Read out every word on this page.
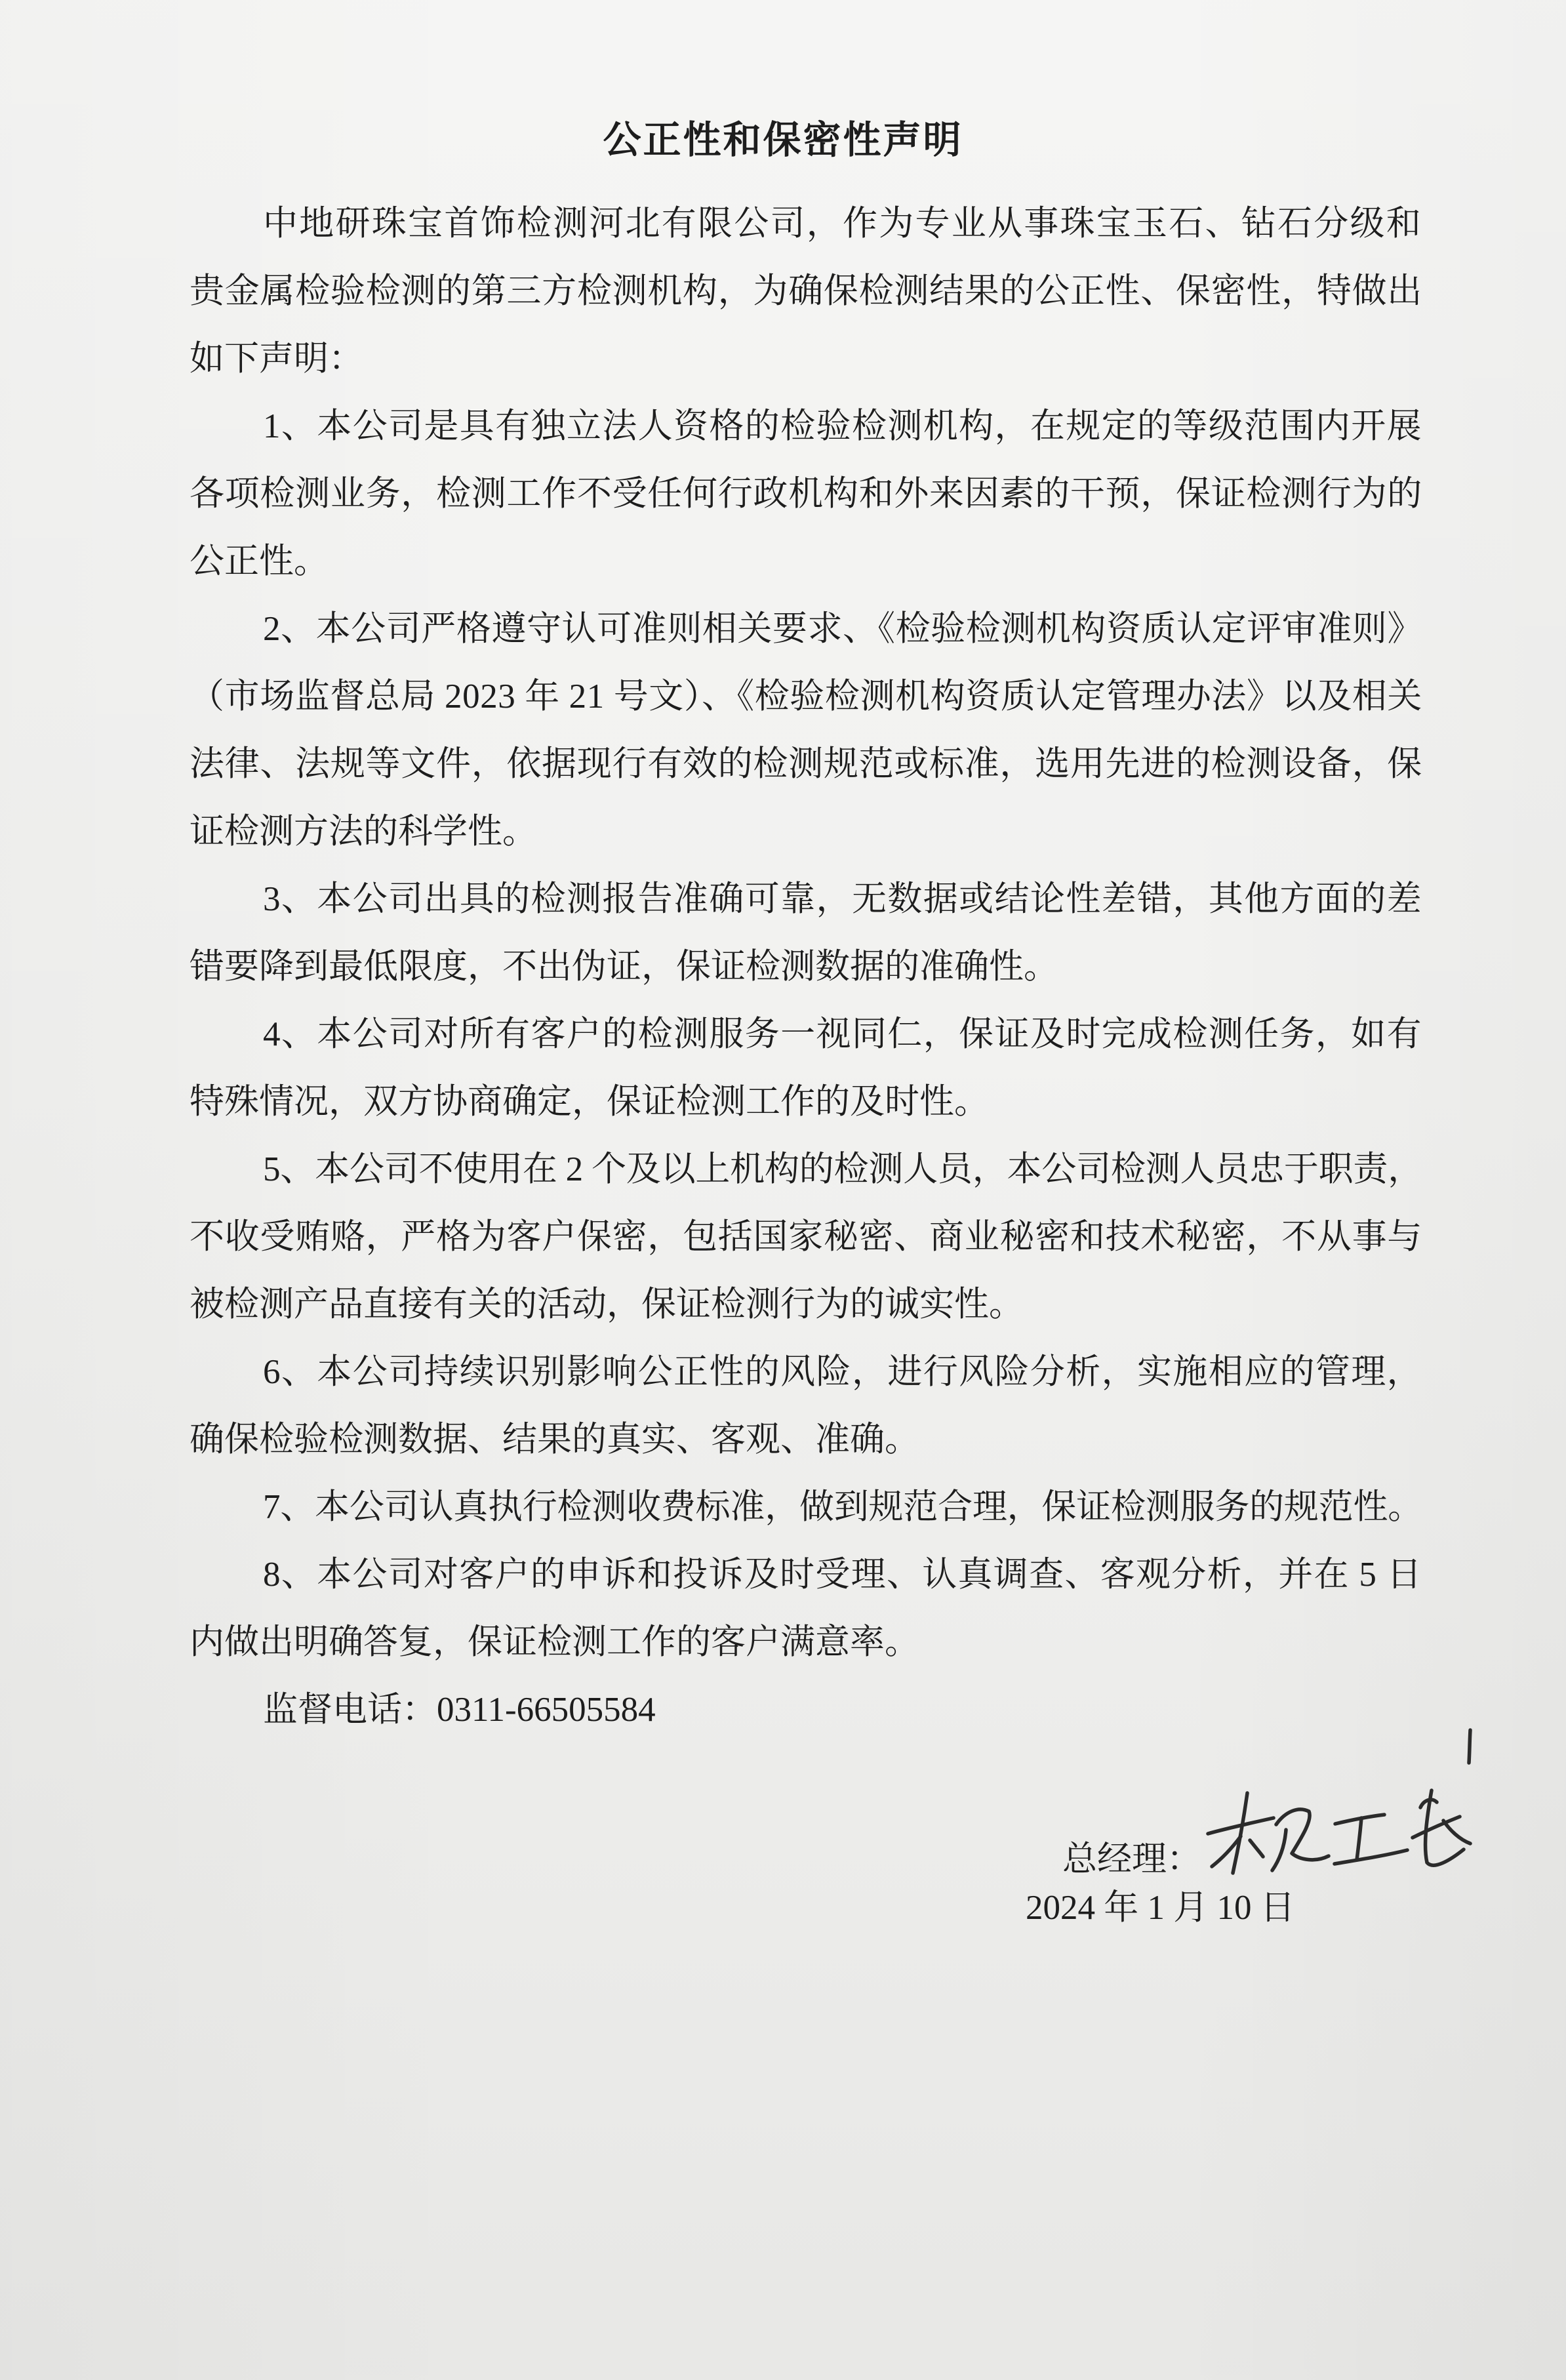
公正性和保密性声明
中地研珠宝首饰检测河北有限公司，作为专业从事珠宝玉石、钻石分级和
贵金属检验检测的第三方检测机构，为确保检测结果的公正性、保密性，特做出
如下声明：
1、本公司是具有独立法人资格的检验检测机构，在规定的等级范围内开展
各项检测业务，检测工作不受任何行政机构和外来因素的干预，保证检测行为的
公正性。
2、本公司严格遵守认可准则相关要求、《检验检测机构资质认定评审准则》
（市场监督总局 2023 年 21 号文）、《检验检测机构资质认定管理办法》以及相关
法律、法规等文件，依据现行有效的检测规范或标准，选用先进的检测设备，保
证检测方法的科学性。
3、本公司出具的检测报告准确可靠，无数据或结论性差错，其他方面的差
错要降到最低限度，不出伪证，保证检测数据的准确性。
4、本公司对所有客户的检测服务一视同仁，保证及时完成检测任务，如有
特殊情况，双方协商确定，保证检测工作的及时性。
5、本公司不使用在 2 个及以上机构的检测人员，本公司检测人员忠于职责，
不收受贿赂，严格为客户保密，包括国家秘密、商业秘密和技术秘密，不从事与
被检测产品直接有关的活动，保证检测行为的诚实性。
6、本公司持续识别影响公正性的风险，进行风险分析，实施相应的管理，
确保检验检测数据、结果的真实、客观、准确。
7、本公司认真执行检测收费标准，做到规范合理，保证检测服务的规范性。
8、本公司对客户的申诉和投诉及时受理、认真调查、客观分析，并在 5 日
内做出明确答复，保证检测工作的客户满意率。
监督电话：0311-66505584
总经理：
2024 年 1 月 10 日
